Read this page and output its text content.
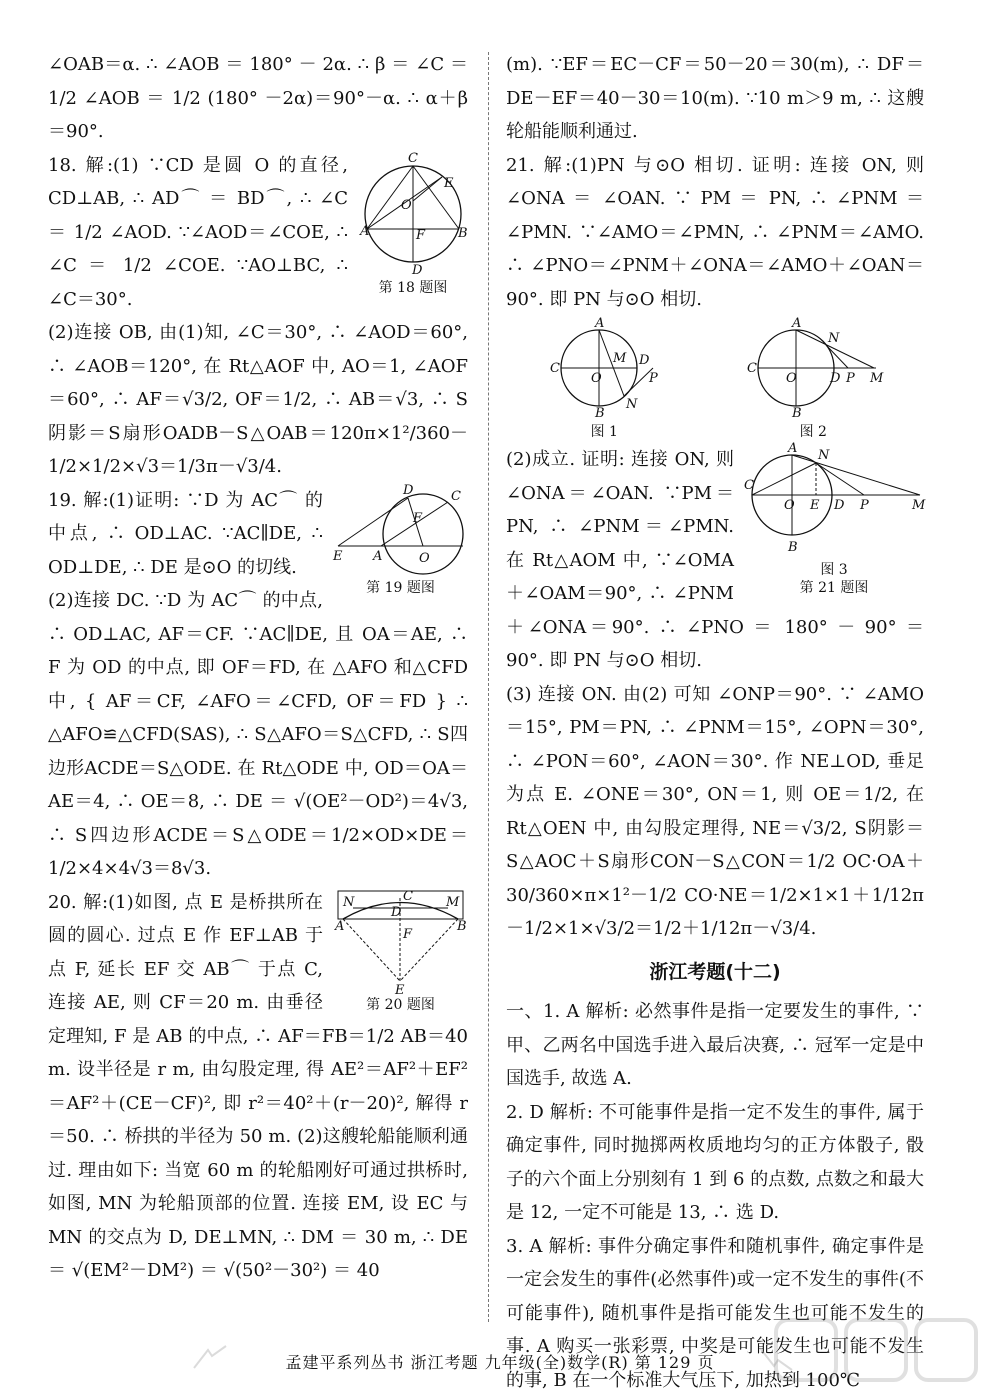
∠OAB＝α. ∴ ∠AOB ＝ 180° － 2α. ∴ β ＝ ∠C ＝ 1/2 ∠AOB ＝ 1/2 (180° －2α)＝90°－α. ∴ α＋β＝90°.

C
A	B
D
O
E
F
第 18 题图

18. 解:(1) ∵CD 是圆 O 的直径, CD⊥AB, ∴ AD⌒ ＝ BD⌒, ∴ ∠C ＝ 1/2 ∠AOD. ∵∠AOD＝∠COE, ∴ ∠C ＝ 1/2 ∠COE. ∵AO⊥BC, ∴ ∠C＝30°.

(2)连接 OB, 由(1)知, ∠C＝30°, ∴ ∠AOD＝60°, ∴ ∠AOB＝120°, 在 Rt△AOF 中, AO＝1, ∠AOF＝60°, ∴ AF＝√3/2, OF＝1/2, ∴ AB＝√3, ∴ S阴影＝S扇形OADB－S△OAB＝120π×1²/360－1/2×1/2×√3＝1/3π－√3/4.

D	C
E A	O
F
第 19 题图

19. 解:(1)证明: ∵D 为 AC⌒ 的中点, ∴ OD⊥AC. ∵AC∥DE, ∴ OD⊥DE, ∴ DE 是⊙O 的切线.

(2)连接 DC. ∵D 为 AC⌒ 的中点, ∴ OD⊥AC, AF＝CF. ∵AC∥DE, 且 OA＝AE, ∴ F 为 OD 的中点, 即 OF＝FD, 在 △AFO 和△CFD 中, { AF＝CF, ∠AFO＝∠CFD, OF＝FD } ∴ △AFO≌△CFD(SAS), ∴ S△AFO＝S△CFD, ∴ S四边形ACDE＝S△ODE. 在 Rt△ODE 中, OD＝OA＝AE＝4, ∴ OE＝8, ∴ DE ＝ √(OE²－OD²)＝4√3, ∴ S四边形ACDE＝S△ODE＝1/2×OD×DE＝1/2×4×4√3＝8√3.

N	M
D
A	B
F
E
C
第 20 题图

20. 解:(1)如图, 点 E 是桥拱所在圆的圆心. 过点 E 作 EF⊥AB 于点 F, 延长 EF 交 AB⌒ 于点 C, 连接 AE, 则 CF＝20 m. 由垂径定理知, F 是 AB 的中点, ∴ AF＝FB＝1/2 AB＝40 m. 设半径是 r m, 由勾股定理, 得 AE²＝AF²＋EF²＝AF²＋(CE－CF)², 即 r²＝40²＋(r－20)², 解得 r＝50. ∴ 桥拱的半径为 50 m. (2)这艘轮船能顺利通过. 理由如下: 当宽 60 m 的轮船刚好可通过拱桥时, 如图, MN 为轮船顶部的位置. 连接 EM, 设 EC 与 MN 的交点为 D, DE⊥MN, ∴ DM ＝ 30 m, ∴ DE ＝ √(EM²－DM²) ＝ √(50²－30²) ＝ 40

(m). ∵EF＝EC－CF＝50－20＝30(m), ∴ DF＝DE－EF＝40－30＝10(m). ∵10 m＞9 m, ∴ 这艘轮船能顺利通过.

21. 解:(1)PN 与⊙O 相切. 证明: 连接 ON, 则 ∠ONA ＝ ∠OAN. ∵ PM ＝ PN, ∴ ∠PNM ＝ ∠PMN. ∵∠AMO＝∠PMN, ∴ ∠PNM＝∠AMO. ∴ ∠PNO＝∠PNM＋∠ONA＝∠AMO＋∠OAN＝90°. 即 PN 与⊙O 相切.

A
C
O
D
P
B
N
M
图 1
A
C
O	D P M
B
N
图 2
A N
C
O E D P	M
B
图 3
第 21 题图

(2)成立. 证明: 连接 ON, 则∠ONA＝∠OAN. ∵PM＝PN, ∴ ∠PNM＝∠PMN. 在 Rt△AOM 中, ∵∠OMA＋∠OAM＝90°, ∴ ∠PNM＋∠ONA＝90°. ∴ ∠PNO ＝ 180° － 90° ＝ 90°. 即 PN 与⊙O 相切.

(3) 连接 ON. 由(2) 可知 ∠ONP＝90°. ∵ ∠AMO＝15°, PM＝PN, ∴ ∠PNM＝15°, ∠OPN＝30°, ∴ ∠PON＝60°, ∠AON＝30°. 作 NE⊥OD, 垂足为点 E. ∠ONE＝30°, ON＝1, 则 OE＝1/2, 在 Rt△OEN 中, 由勾股定理得, NE＝√3/2, S阴影＝S△AOC＋S扇形CON－S△CON＝1/2 OC·OA＋30/360×π×1²－1/2 CO·NE＝1/2×1×1＋1/12π－1/2×1×√3/2＝1/2＋1/12π－√3/4.

浙江考题(十二)

一、1. A 解析: 必然事件是指一定要发生的事件, ∵甲、乙两名中国选手进入最后决赛, ∴ 冠军一定是中国选手, 故选 A.

2. D 解析: 不可能事件是指一定不发生的事件, 属于确定事件, 同时抛掷两枚质地均匀的正方体骰子, 骰子的六个面上分别刻有 1 到 6 的点数, 点数之和最大是 12, 一定不可能是 13, ∴ 选 D.

3. A 解析: 事件分确定事件和随机事件, 确定事件是一定会发生的事件(必然事件)或一定不发生的事件(不可能事件), 随机事件是指可能发生也可能不发生的事. A 购买一张彩票, 中奖是可能发生也可能不发生的事, B 在一个标准大气压下, 加热到 100℃

孟建平系列丛书 浙江考题 九年级(全)数学(R) 第 129 页
